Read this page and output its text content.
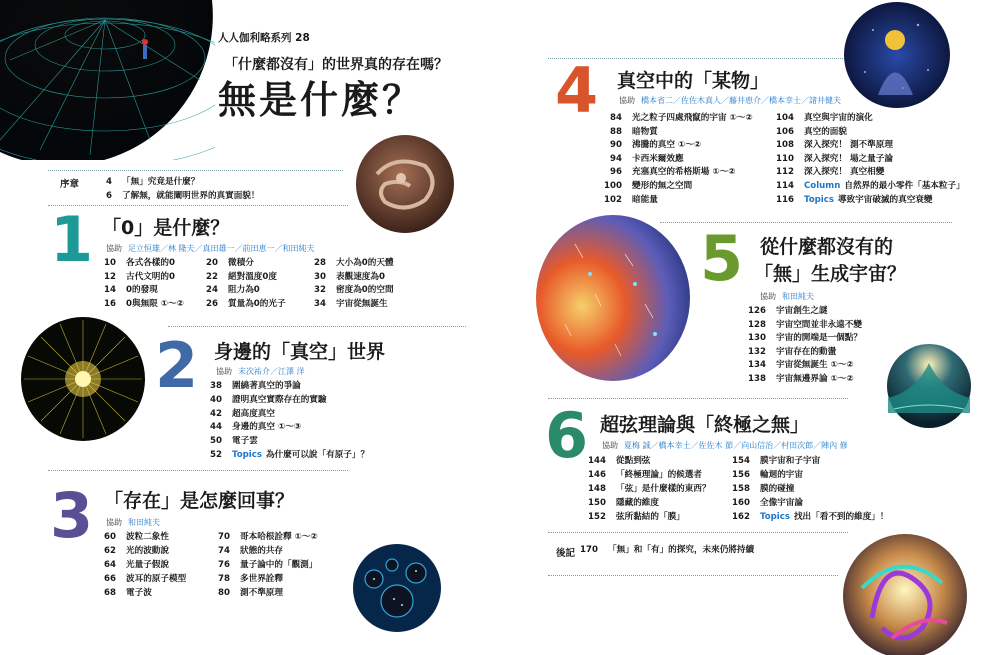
人人伽利略系列 28
「什麼都沒有」的世界真的存在嗎？
無是什麼？
序章	4 「無」究竟是什麼？
6 了解無，就能闡明世界的真實面貌！
1 「0」是什麼？
協助 足立恒雄／林 隆夫／真田雄一／前田恵一／和田純夫
10 各式各樣的0
12 古代文明的0
14 0的發現
16 0與無限 ①～②
20 微積分
22 絕對溫度0度
24 阻力為0
26 質量為0的光子
28 大小為0的天體
30 表觀速度為0
32 密度為0的空間
34 宇宙從無誕生
2 身邊的「真空」世界
協助 末次祐介／江澤 洋
38 圍繞著真空的爭論
40 證明真空實際存在的實驗
42 超高度真空
44 身邊的真空 ①～③
50 電子雲
52 Topics 為什麼可以說「有原子」？
3 「存在」是怎麼回事？
協助 和田純夫
60 波粒二象性
62 光的波動說
64 光量子假說
66 波耳的原子模型
68 電子波
70 哥本哈根詮釋 ①～②
74 狀態的共存
76 量子論中的「觀測」
78 多世界詮釋
80 測不準原理
4 真空中的「某物」
協助 橋本省二／佐佐木真人／藤井恵介／橋本幸士／諸井健夫
84 光之粒子四處飛竄的宇宙 ①～②
88 暗物質
90 沸騰的真空 ①～②
94 卡西米爾效應
96 充塞真空的希格斯場 ①～②
100 變形的無之空間
102 暗能量
104 真空與宇宙的演化
106 真空的面貌
108 深入探究！ 測不準原理
110 深入探究！ 場之量子論
112 深入探究！ 真空相變
114 Column 自然界的最小零件「基本粒子」
116 Topics 導致宇宙破滅的真空衰變
5 從什麼都沒有的
「無」生成宇宙？
協助 和田純夫
126 宇宙創生之謎
128 宇宙空間並非永遠不變
130 宇宙的開端是一個點？
132 宇宙存在的動盪
134 宇宙從無誕生 ①～②
138 宇宙無邊界論 ①～②
6 超弦理論與「終極之無」
協助 夏梅 誠／橋本幸士／佐佐木 節／向山信治／村田次郎／陣內 修
144 從點到弦
146 「終極理論」的候選者
148 「弦」是什麼樣的東西？
150 隱藏的維度
152 弦所黏結的「膜」
154 膜宇宙和子宇宙
156 輪迴的宇宙
158 膜的碰撞
160 全像宇宙論
162 Topics 找出「看不到的維度」！
後記 170 「無」和「有」的探究，未來仍將持續
